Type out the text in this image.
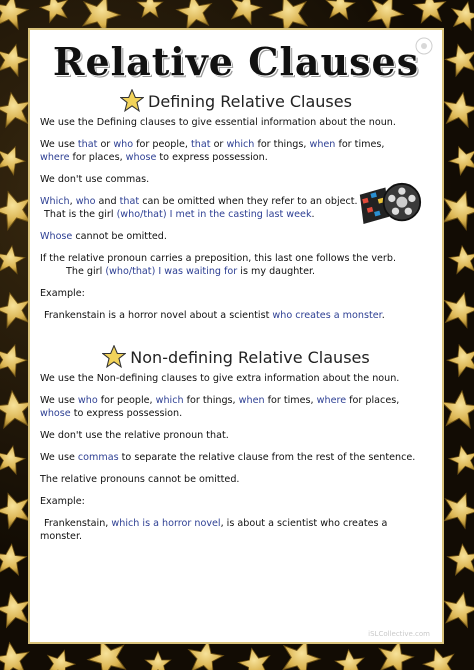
Relative Clauses
Defining Relative Clauses

We use the Defining clauses to give essential information about the noun.

We use that or who for people, that or which for things, when for times,

where for places, whose to express possession.

We don't use commas.

Which, who and that can be omitted when they refer to an object.

That is the girl (who/that) I met in the casting last week.

Whose cannot be omitted.

If the relative pronoun carries a preposition, this last one follows the verb.

The girl (who/that) I was waiting for is my daughter.

Example:

Frankenstain is a horror novel about a scientist who creates a monster.

Non-defining Relative Clauses

We use the Non-defining clauses to give extra information about the noun.

We use who for people, which for things, when for times, where for places,

whose to express possession.

We don't use the relative pronoun that.

We use commas to separate the relative clause from the rest of the sentence.

The relative pronouns cannot be omitted.

Example:

Frankenstain, which is a horror novel, is about a scientist who creates a

monster.

iSLCollective.com
